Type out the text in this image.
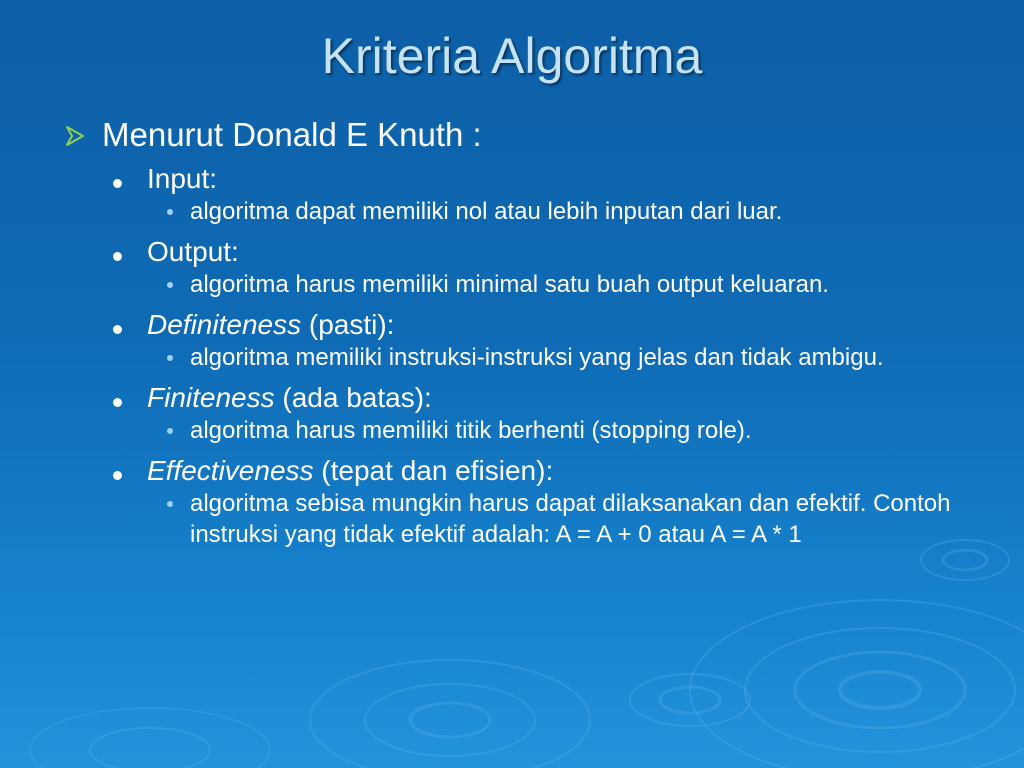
Kriteria Algoritma
Menurut Donald E Knuth :
Input:
algoritma dapat memiliki nol atau lebih inputan dari luar.
Output:
algoritma harus memiliki minimal satu buah output keluaran.
Definiteness (pasti):
algoritma memiliki instruksi-instruksi yang jelas dan tidak ambigu.
Finiteness (ada batas):
algoritma harus memiliki titik berhenti (stopping role).
Effectiveness (tepat dan efisien):
algoritma sebisa mungkin harus dapat dilaksanakan dan efektif. Contoh instruksi yang tidak efektif adalah: A = A + 0 atau A = A * 1
